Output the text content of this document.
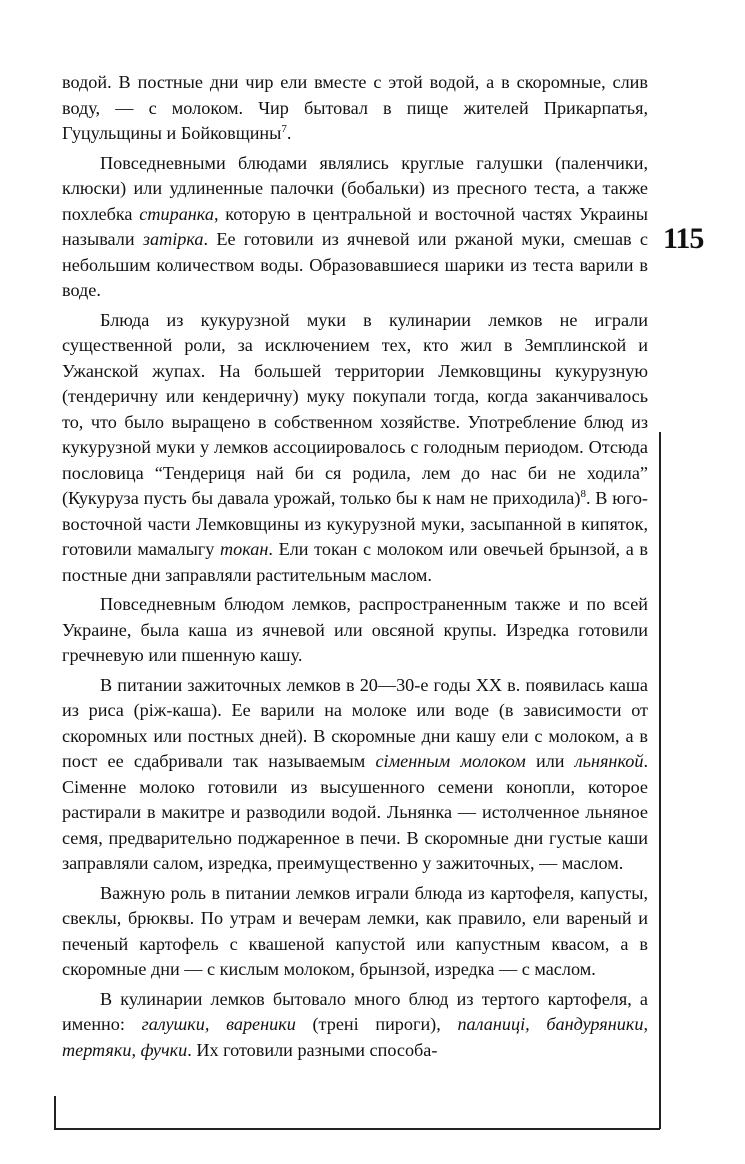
водой. В постные дни чир ели вместе с этой водой, а в скоромные, слив воду, — с молоком. Чир бытовал в пище жителей Прикарпатья, Гуцульщины и Бойковщины$^7$.

Повседневными блюдами являлись круглые галушки (паленчики, клюски) или удлиненные палочки (бобальки) из пресного теста, а также похлебка стиранка, которую в центральной и восточной частях Украины называли затірка. Ее готовили из ячневой или ржаной муки, смешав с небольшим количеством воды. Образовавшиеся шарики из теста варили в воде.

Блюда из кукурузной муки в кулинарии лемков не играли существенной роли, за исключением тех, кто жил в Земплинской и Ужанской жупах. На большей территории Лемковщины кукурузную (тендеричну или кендеричну) муку покупали тогда, когда заканчивалось то, что было выращено в собственном хозяйстве. Употребление блюд из кукурузной муки у лемков ассоциировалось с голодным периодом. Отсюда пословица “Тендериця най би ся родила, лем до нас би не ходила” (Кукуруза пусть бы давала урожай, только бы к нам не приходила)$^8$. В юго-восточной части Лемковщины из кукурузной муки, засыпанной в кипяток, готовили мамалыгу токан. Ели токан с молоком или овечьей брынзой, а в постные дни заправляли растительным маслом.

Повседневным блюдом лемков, распространенным также и по всей Украине, была каша из ячневой или овсяной крупы. Изредка готовили гречневую или пшенную кашу.

В питании зажиточных лемков в 20—30-е годы XX в. появилась каша из риса (ріж-каша). Ее варили на молоке или воде (в зависимости от скоромных или постных дней). В скоромные дни кашу ели с молоком, а в пост ее сдабривали так называемым сіменным молоком или льнянкой. Сіменне молоко готовили из высушенного семени конопли, которое растирали в макитре и разводили водой. Льнянка — истолченное льняное семя, предварительно поджаренное в печи. В скоромные дни густые каши заправляли салом, изредка, преимущественно у зажиточных, — маслом.

Важную роль в питании лемков играли блюда из картофеля, капусты, свеклы, брюквы. По утрам и вечерам лемки, как правило, ели вареный и печеный картофель с квашеной капустой или капустным квасом, а в скоромные дни — с кислым молоком, брынзой, изредка — с маслом.

В кулинарии лемков бытовало много блюд из тертого картофеля, а именно: галушки, вареники (трені пироги), паланиці, бандуряники, тертяки, фучки. Их готовили разными способа-

115
